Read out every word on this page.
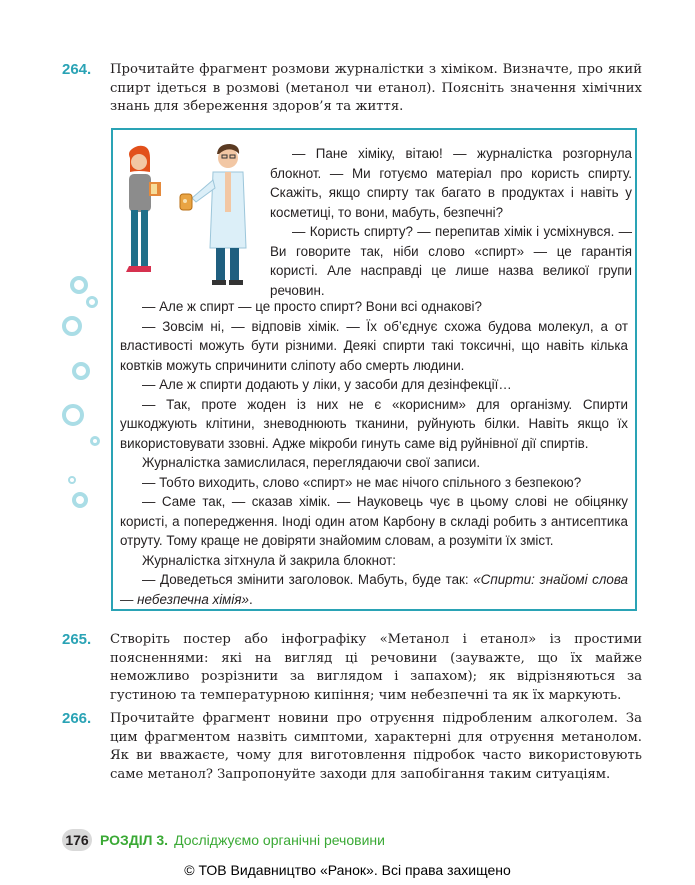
264. Прочитайте фрагмент розмови журналістки з хіміком. Визначте, про який спирт ідеться в розмові (метанол чи етанол). Поясніть значення хімічних знань для збереження здоров’я та життя.

— Пане хіміку, вітаю! — журналістка розгорнула блокнот. — Ми готуємо матеріал про користь спирту. Скажіть, якщо спирту так багато в продуктах і навіть у косметиці, то вони, мабуть, безпечні?

— Користь спирту? — перепитав хімік і усміхнувся. — Ви говорите так, ніби слово «спирт» — це гарантія користі. Але насправді це лише назва великої групи речовин.

— Але ж спирт — це просто спирт? Вони всі однакові?

— Зовсім ні, — відповів хімік. — Їх об’єднує схожа будова молекул, а от властивості можуть бути різними. Деякі спирти такі токсичні, що навіть кілька ковтків можуть спричинити сліпоту або смерть людини.

— Але ж спирти додають у ліки, у засоби для дезінфекції…

— Так, проте жоден із них не є «корисним» для організму. Спирти ушкоджують клітини, зневоднюють тканини, руйнують білки. Навіть якщо їх використовувати ззовні. Адже мікроби гинуть саме від руйнівної дії спиртів.

Журналістка замислилася, переглядаючи свої записи.

— Тобто виходить, слово «спирт» не має нічого спільного з безпекою?

— Саме так, — сказав хімік. — Науковець чує в цьому слові не обіцянку користі, а попередження. Іноді один атом Карбону в складі робить з антисептика отруту. Тому краще не довіряти знайомим словам, а розуміти їх зміст.

Журналістка зітхнула й закрила блокнот:

— Доведеться змінити заголовок. Мабуть, буде так: «Спирти: знайомі слова — небезпечна хімія».

265. Створіть постер або інфографіку «Метанол і етанол» із простими поясненнями: які на вигляд ці речовини (зауважте, що їх майже неможливо розрізнити за виглядом і запахом); як відрізняються за густиною та температурною кипіння; чим небезпечні та як їх маркують.
266. Прочитайте фрагмент новини про отруєння підробленим алкоголем. За цим фрагментом назвіть симптоми, характерні для отруєння метанолом. Як ви вважаєте, чому для виготовлення підробок часто використовують саме метанол? Запропонуйте заходи для запобігання таким ситуаціям.
176 РОЗДІЛ 3. Досліджуємо органічні речовини
© ТОВ Видавництво «Ранок». Всі права захищено
